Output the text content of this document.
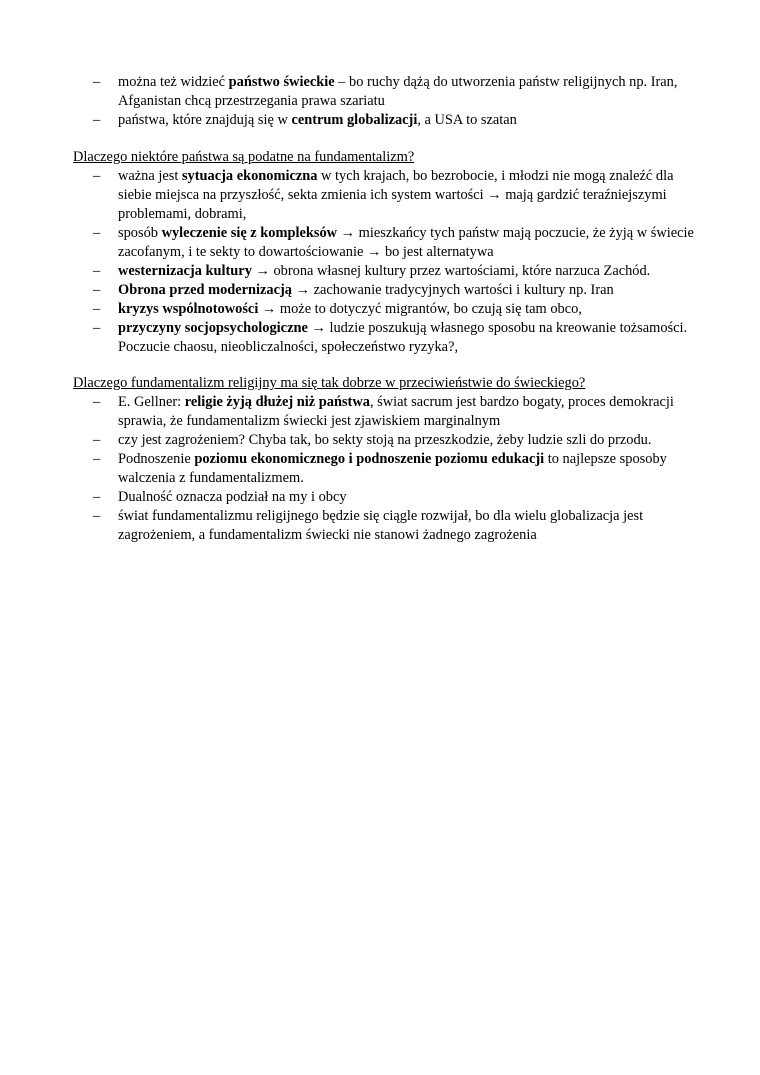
– można też widzieć państwo świeckie – bo ruchy dążą do utworzenia państw religijnych np. Iran, Afganistan chcą przestrzegania prawa szariatu
– państwa, które znajdują się w centrum globalizacji, a USA to szatan
Dlaczego niektóre państwa są podatne na fundamentalizm?
– ważna jest sytuacja ekonomiczna w tych krajach, bo bezrobocie, i młodzi nie mogą znaleźć dla siebie miejsca na przyszłość, sekta zmienia ich system wartości → mają gardzić teraźniejszymi problemami, dobrami,
– sposób wyleczenie się z kompleksów → mieszkańcy tych państw mają poczucie, że żyją w świecie zacofanym, i te sekty to dowartościowanie → bo jest alternatywa
– westernizacja kultury → obrona własnej kultury przez wartościami, które narzuca Zachód.
– Obrona przed modernizacją → zachowanie tradycyjnych wartości i kultury np. Iran
– kryzys wspólnotowości → może to dotyczyć migrantów, bo czują się tam obco,
– przyczyny socjopsychologiczne → ludzie poszukują własnego sposobu na kreowanie tożsamości. Poczucie chaosu, nieobliczalności, społeczeństwo ryzyka?,
Dlaczego fundamentalizm religijny ma się tak dobrze w przeciwieństwie do świeckiego?
– E. Gellner: religie żyją dłużej niż państwa, świat sacrum jest bardzo bogaty, proces demokracji sprawia, że fundamentalizm świecki jest zjawiskiem marginalnym
– czy jest zagrożeniem? Chyba tak, bo sekty stoją na przeszkodzie, żeby ludzie szli do przodu.
– Podnoszenie poziomu ekonomicznego i podnoszenie poziomu edukacji to najlepsze sposoby walczenia z fundamentalizmem.
– Dualność oznacza podział na my i obcy
– świat fundamentalizmu religijnego będzie się ciągle rozwijał, bo dla wielu globalizacja jest zagrożeniem, a fundamentalizm świecki nie stanowi żadnego zagrożenia
